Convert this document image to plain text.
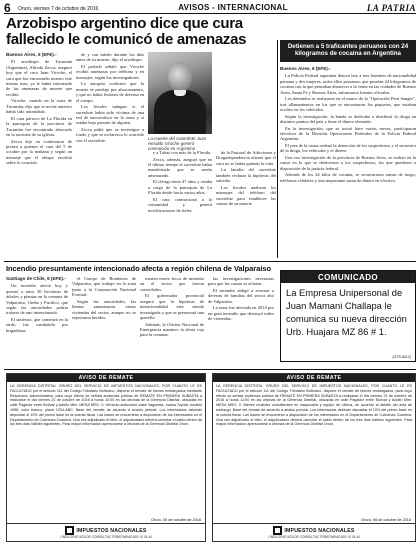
6	Oruro, viernes 7 de octubre de 2016	AVISOS - INTERNACIONAL	LA PATRIA
Arzobispo argentino dice que cura fallecido le comunicó de amenazas
Buenos Aires, 6 (EFE).-

El arzobispo de Tucumán (Argentina), Alfredo Zecca, aseguró hoy que el cura Juan Viroche, el cura que fue encontrado muerto este mismo mes, ya le había informado de las amenazas de muerte que recibió.

Viroche, cuando en la zona de Tucumán, dijo que la noche anterior había sido intimidado.

El cura párroco de La Florida en la parroquia de la provincia de Tucumán fue encontrado ahorcado en la sacristía de su iglesia.

Zecca dijo en conferencia de prensa a quienes el cura del 5 de octubre por la mañana y según un mensaje que el obispo escribió sobre lo ocurrido.

de y con miedo durante los días antes de su muerte, dijo el arzobispo.

El prelado señaló que Viroche recibió amenazas por teléfono y en mensajes, según los investigadores.

La autopsia confirmó que la muerte se produjo por ahorcamiento, y que no había lesiones de defensa en el cuerpo.

Los fiscales indagan si el sacerdote había sido víctima de una red de narcotráfico en la zona y si estaba bajo presión de alguien.

Zecca pidió que se investigue a fondo y que se esclarezca lo ocurrido con el sacerdote.	La muerte del sacerdote Juan Heraldo Viroche generó conmoción en Argentina

y a Tobas con más de la Florida.

Zecca, además, aseguró que en el último tiempo el sacerdote había manifestado que se sentía amenazado.

El clérigo tenía 47 años y estaba a cargo de la parroquia de La Florida desde hacía varios años.

El caso conmocionó a la comunidad y generó movilizaciones de fieles.

de la Pastoral de Adicciones y Drogadependencia afirmó que el cura no se había quitado la vida.

La familia del sacerdote también rechaza la hipótesis del suicidio.

Los fiscales analizan los mensajes del teléfono del sacerdote para establecer las causas de su muerte.

Detienen a 5 traficantes peruanos con 24 kilogramos de cocaína en Argentina
Buenos Aires, 6 (EFE).-

La Policía Federal argentina detuvo hoy a tres hombres de nacionalidad peruana y dos mujeres, todos ellos peruanos, que poseían 24 kilogramos de cocaína con la que pensaban abastecer a la venta en las ciudades de Buenos Aires, Santa Fe y Buenos Aires, informaron fuentes oficiales.

Los detenidos se realizaron en el marco de la "Operación Perú Sangre", tras allanamientos en los que se encontraron los paquetes, que estaban ocultos en los vehículos.

Según la investigación, la banda se dedicaba a distribuir la droga en distintos puntos del país y lavar el dinero obtenido.

En la investigación, que se inició hace varios meses, participaron efectivos de la División Operaciones Federales de la Policía Federal Argentina.

El juez de la causa ordenó la detención de los sospechosos y el secuestro de la droga, los vehículos y el dinero.

Una vez investigación de la provincia de Buenos Aires, se realizó en la causa en la que se detuvieron a los sospechosos, los que quedaron a disposición de la justicia federal.

Además de los 24 kilos de cocaína, se secuestraron armas de fuego, teléfonos celulares y una importante suma de dinero en efectivo.

Incendio presuntamente intencionado afecta a región chilena de Valparaíso
Santiago de Chile, 6 (EFE).-

Un incendio afectó hoy y quemó a unos 30 hectáreas de árboles y plantas en la comuna de Valparaíso, Oreña y Pacífico, que según las autoridades podría tratarse de uno intencionado.

El siniestro, que comenzó en la tarde, fue combatido por brigadistas.

el Cuerpo de Bomberos de Valparaíso, que trabajó en la zona junto a la Corporación Nacional Forestal.

Según las autoridades, las llamas amenazaron varias viviendas del sector, aunque no se reportaron heridos.

existen nueve focos de incendio en el sector que fueron controlados.

El gobernador provincial aseguró que la hipótesis de intencionalidad está siendo investigada y que se presentará una querella.

Además, la Oficina Nacional de Emergencia mantuvo la alerta roja para la comuna.

las investigaciones necesarias para que las causas se aclaren.

El incendio obligó a evacuar a decenas de familias del sector alto de Valparaíso.

La zona fue afectada en 2014 por un gran incendio que destruyó miles de viviendas.

COMUNICADO
La Empresa Unipersonal de Juan Mamani Challapa le comunica su nueva dirección Urb. Huajara MZ 86 # 1.
(OTS-6012)
AVISO DE REMATE
LA GERENCIA DISTRITAL ORURO DEL SERVICIO DE IMPUESTOS NACIONALES, POR CUANTO LE ES FACULTADO por el artículo 111 del Código Tributario Boliviano, dispone el remate de bienes embargados mediante Resolución Administrativa, para cuyo efecto se señala audiencia pública de REMATE EN PRIMERA SUBASTA a realizarse el día viernes 21 de octubre de 2016 a horas 10:00 en las oficinas de la Gerencia Distrital, ubicadas en calle Pagador entre Bolívar y Adolfo Mier. MESA NRO. 1: Vehículo automotor clase Vagoneta, marca Toyota, modelo 1998, color blanco, placa 1234-ABC. Base del remate de acuerdo a avalúo pericial. Los interesados deberán depositar el 10% del precio base en la cuenta fiscal. Las bases se encuentran a disposición de los interesados en el Departamento de Cobranza Coactiva. Una vez adjudicado el bien, el adjudicatario deberá cancelar el saldo dentro de los tres días hábiles siguientes. Para mayor información apersonarse a oficinas de la Gerencia Distrital Oruro.
Oruro, 06 de octubre de 2016
IMPUESTOS NACIONALES
LÍNEA GRATUITA DE CONSULTAS TRIBUTARIAS 800 10 34 44
AVISO DE REMATE
LA GERENCIA DISTRITAL ORURO DEL SERVICIO DE IMPUESTOS NACIONALES, POR CUANTO LE ES FACULTADO por el artículo 111 del Código Tributario Boliviano, dispone el remate de bienes embargados, para cuyo efecto se señala audiencia pública de REMATE EN PRIMERA SUBASTA a realizarse el día viernes 21 de octubre de 2016 a horas 11:00 en las oficinas de la Gerencia Distrital, ubicadas en calle Pagador entre Bolívar y Adolfo Mier. MESA NRO. 2: Bienes muebles consistentes en maquinaria y equipo de oficina, de acuerdo al detalle del acta de embargo. Base del remate de acuerdo a avalúo pericial. Los interesados deberán depositar el 10% del precio base en la cuenta fiscal. Las bases se encuentran a disposición de los interesados en el Departamento de Cobranza Coactiva. Una vez adjudicado el bien, el adjudicatario deberá cancelar el saldo dentro de los tres días hábiles siguientes. Para mayor información apersonarse a oficinas de la Gerencia Distrital Oruro.
Oruro, 06 de octubre de 2016
IMPUESTOS NACIONALES
LÍNEA GRATUITA DE CONSULTAS TRIBUTARIAS 800 10 34 44
